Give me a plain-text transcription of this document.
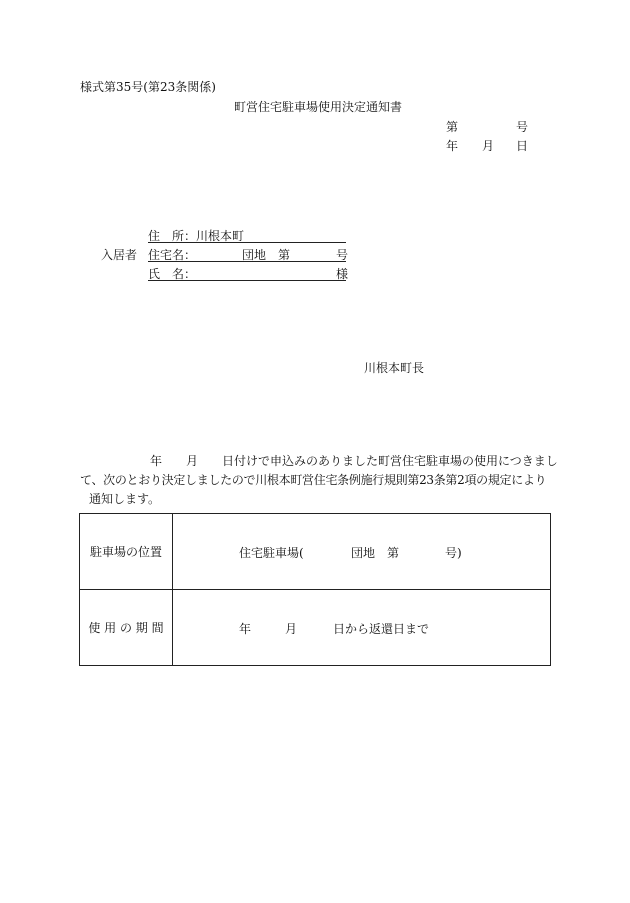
様式第35号(第23条関係)
町営住宅駐車場使用決定通知書
第	号
年 月 日
住　所：川根本町
入居者 住宅名：	団地 第	号
氏　名：	様
川根本町長
年　　月　　日付けで申込みのありました町営住宅駐車場の使用につきまし
て、次のとおり決定しましたので川根本町営住宅条例施行規則第23条第2項の規定により
通知します。
駐車場の位置	住宅駐車場( 団地 第 号)

使 用 の 期 間	年 月 日から返還日まで
